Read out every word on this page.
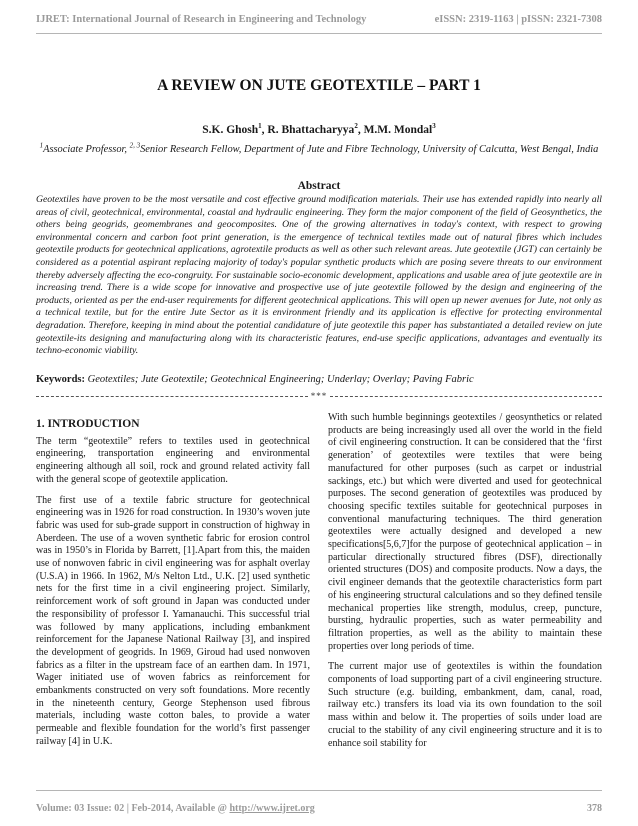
IJRET: International Journal of Research in Engineering and Technology	eISSN: 2319-1163 | pISSN: 2321-7308
A REVIEW ON JUTE GEOTEXTILE – PART 1
S.K. Ghosh$^1$, R. Bhattacharyya$^2$, M.M. Mondal$^3$
$^1$Associate Professor, $^{2, 3}$Senior Research Fellow, Department of Jute and Fibre Technology, University of Calcutta, West Bengal, India
Abstract
Geotextiles have proven to be the most versatile and cost effective ground modification materials. Their use has extended rapidly into nearly all areas of civil, geotechnical, environmental, coastal and hydraulic engineering. They form the major component of the field of Geosynthetics, the others being geogrids, geomembranes and geocomposites. One of the growing alternatives in today's context, with respect to growing environmental concern and carbon foot print generation, is the emergence of technical textiles made out of natural fibres which includes geotextile products for geotechnical applications, agrotextile products as well as other such relevant areas. Jute geotextile (JGT) can certainly be considered as a potential aspirant replacing majority of today's popular synthetic products which are posing severe threats to our environment thereby adversely affecting the eco-congruity. For sustainable socio-economic development, applications and usable area of jute geotextile are in increasing trend. There is a wide scope for innovative and prospective use of jute geotextile followed by the design and engineering of the products, oriented as per the end-user requirements for different geotechnical applications. This will open up newer avenues for Jute, not only as a technical textile, but for the entire Jute Sector as it is environment friendly and its application is effective for protecting environmental degradation. Therefore, keeping in mind about the potential candidature of jute geotextile this paper has substantiated a detailed review on jute geotextile-its designing and manufacturing along with its characteristic features, end-use specific applications, advantages and eventually its techno-economic viability.
Keywords: Geotextiles; Jute Geotextile; Geotechnical Engineering; Underlay; Overlay; Paving Fabric
***
1. INTRODUCTION

The term “geotextile” refers to textiles used in geotechnical engineering, transportation engineering and environmental engineering although all soil, rock and ground related activity fall with the general scope of geotextile application.

The first use of a textile fabric structure for geotechnical engineering was in 1926 for road construction. In 1930’s woven jute fabric was used for sub-grade support in construction of highway in Aberdeen. The use of a woven synthetic fabric for erosion control was in 1950’s in Florida by Barrett, [1].Apart from this, the maiden use of nonwoven fabric in civil engineering was for asphalt overlay (U.S.A) in 1966. In 1962, M/s Nelton Ltd., U.K. [2] used synthetic nets for the first time in a civil engineering project. Similarly, reinforcement work of soft ground in Japan was conducted under the responsibility of professor I. Yamanauchi. This successful trial was followed by many applications, including embankment reinforcement for the Japanese National Railway [3], and inspired the development of geogrids. In 1969, Giroud had used nonwoven fabrics as a filter in the upstream face of an earthen dam. In 1971, Wager initiated use of woven fabrics as reinforcement for embankments constructed on very soft foundations. More recently in the nineteenth century, George Stephenson used fibrous materials, including waste cotton bales, to provide a water permeable and flexible foundation for the world’s first passenger railway [4] in U.K.

With such humble beginnings geotextiles / geosynthetics or related products are being increasingly used all over the world in the field of civil engineering construction. It can be considered that the ‘first generation’ of geotextiles were textiles that were being manufactured for other purposes (such as carpet or industrial sackings, etc.) but which were diverted and used for geotechnical purposes. The second generation of geotextiles was produced by choosing specific textiles suitable for geotechnical purposes in conventional manufacturing techniques. The third generation geotextiles were actually designed and developed a new specifications[5,6,7]for the purpose of geotechnical application – in particular directionally structured fibres (DSF), directionally oriented structures (DOS) and composite products. Now a days, the civil engineer demands that the geotextile characteristics form part of his engineering structural calculations and so they defined tensile mechanical properties like strength, modulus, creep, puncture, bursting, hydraulic properties, such as water permeability and filtration properties, as well as the ability to maintain these properties over long periods of time.

The current major use of geotextiles is within the foundation components of load supporting part of a civil engineering structure. Such structure (e.g. building, embankment, dam, canal, road, railway etc.) transfers its load via its own foundation to the soil mass within and below it. The properties of soils under load are crucial to the stability of any civil engineering structure and it is to enhance soil stability for

Volume: 03 Issue: 02 | Feb-2014, Available @ http://www.ijret.org	378
